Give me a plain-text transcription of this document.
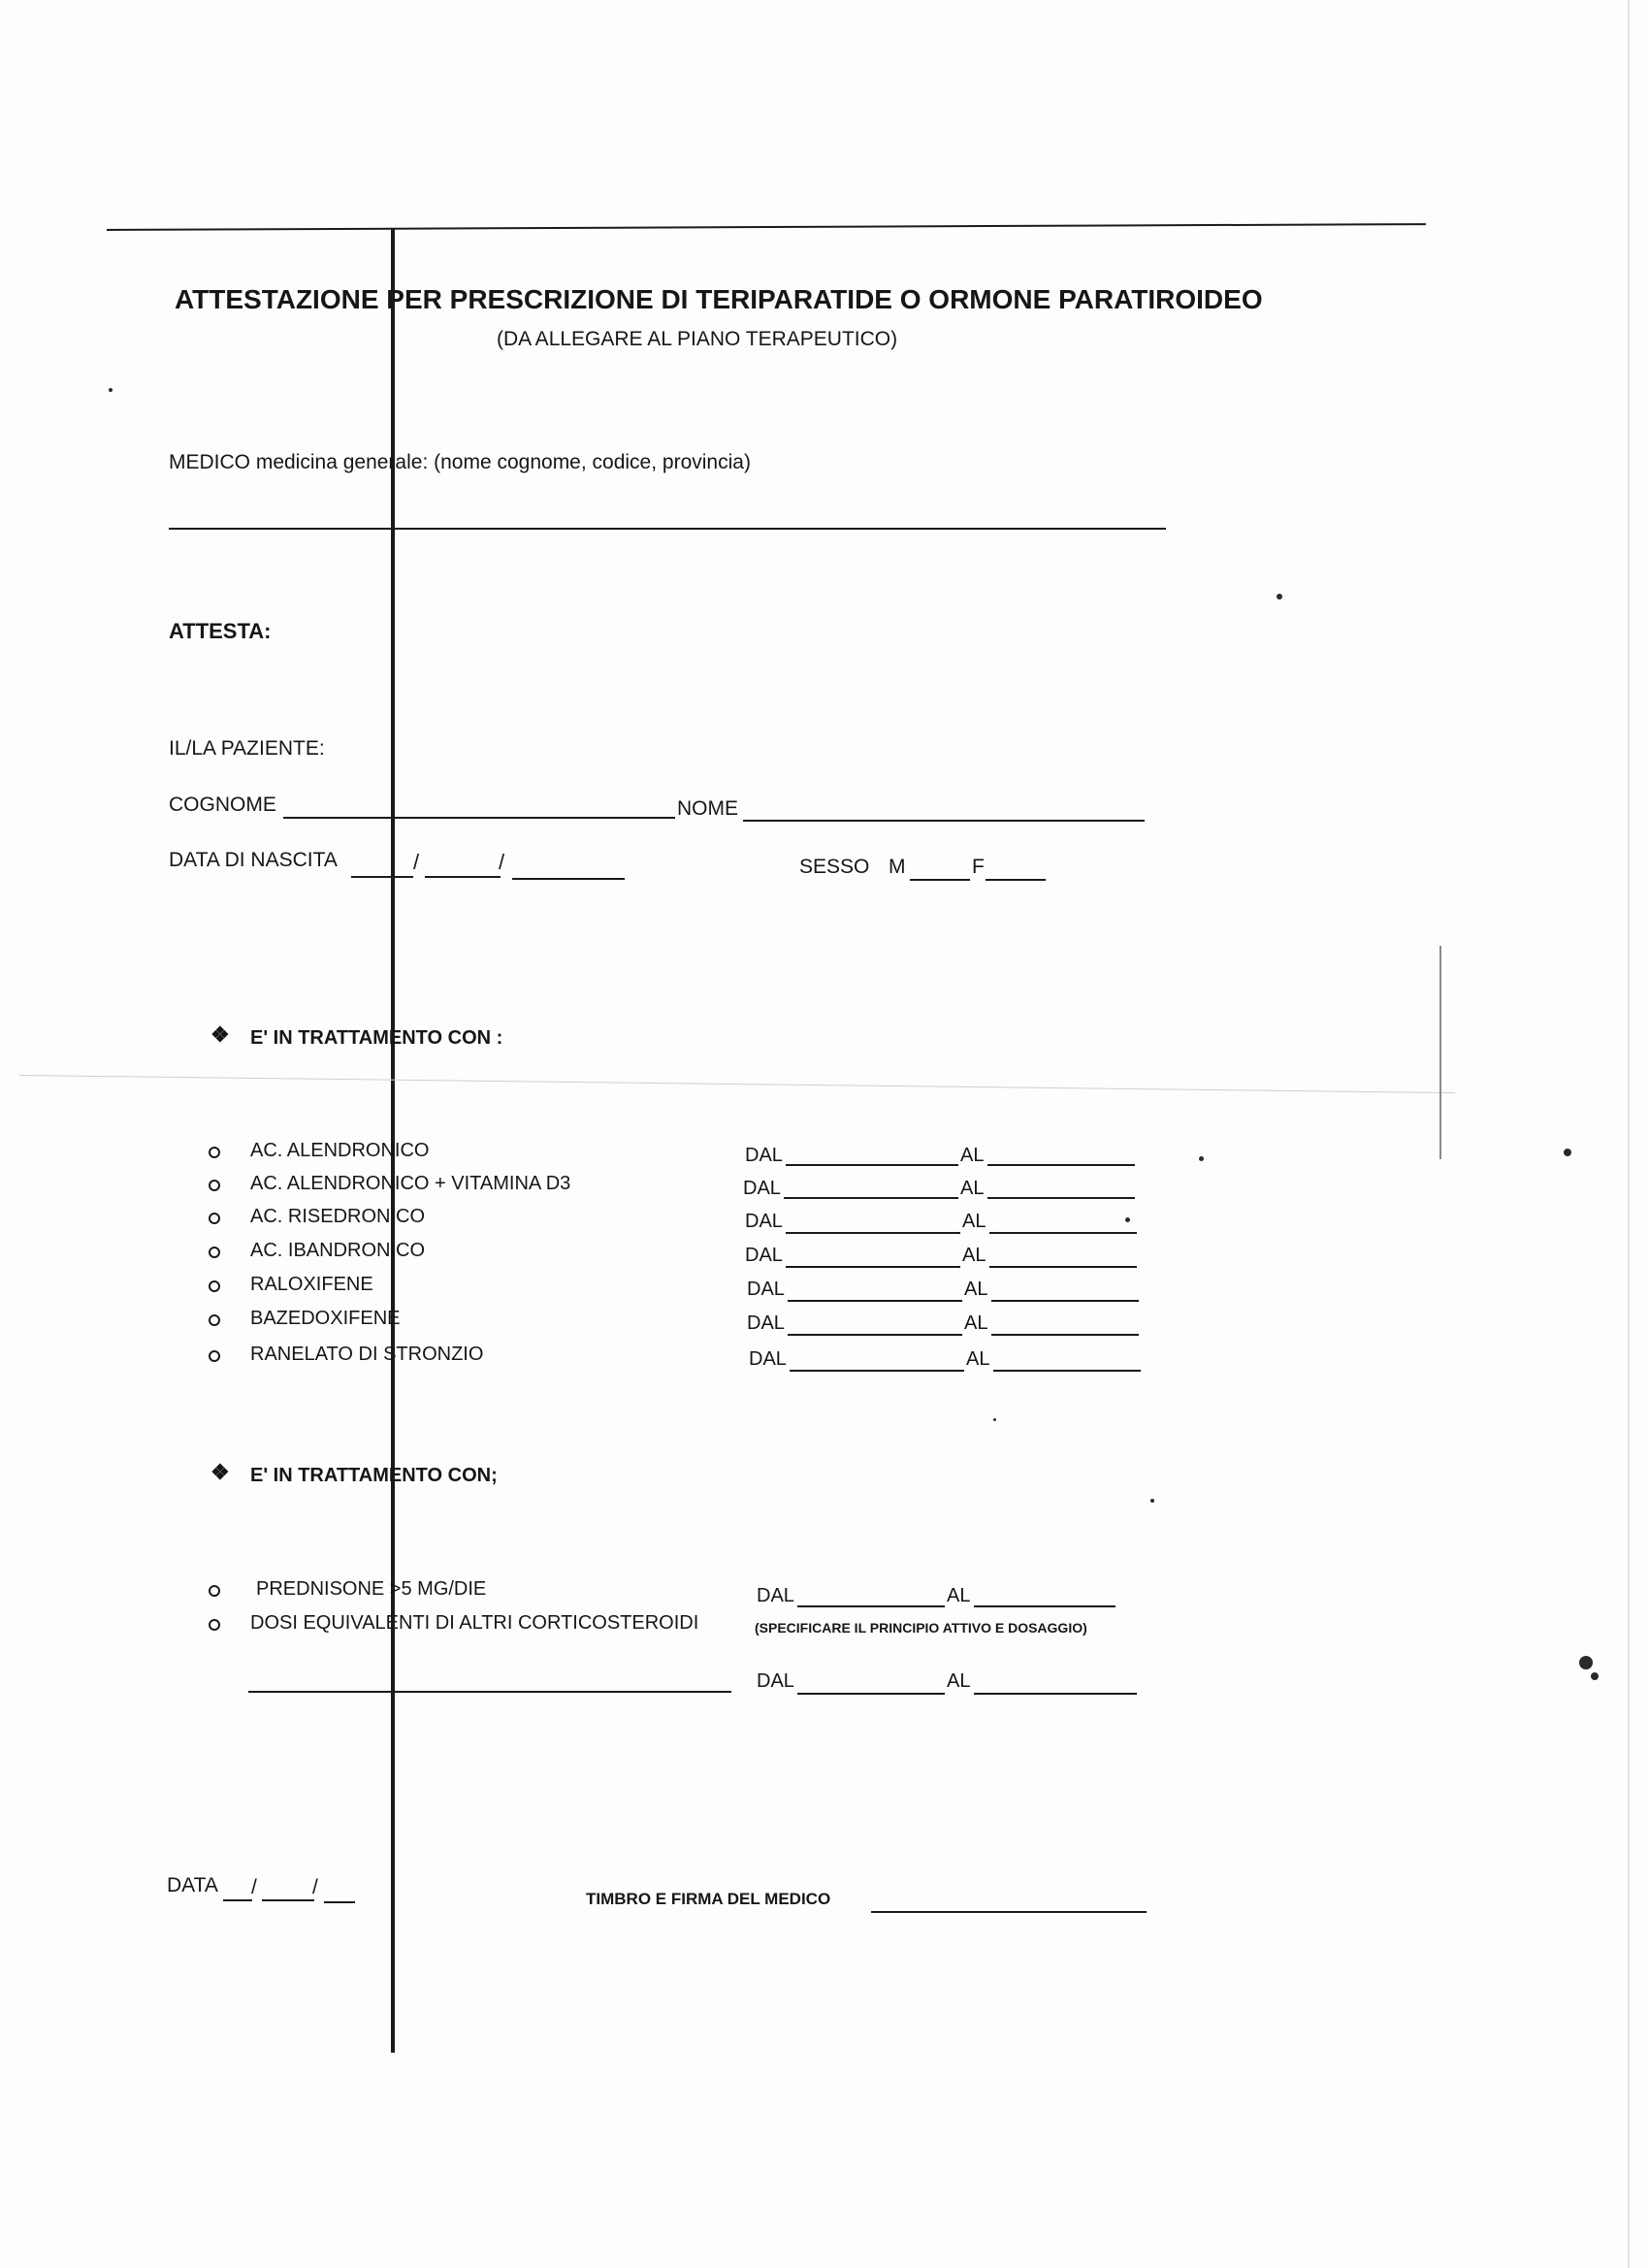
ATTESTAZIONE PER PRESCRIZIONE DI TERIPARATIDE O ORMONE PARATIROIDEO
(DA ALLEGARE AL PIANO TERAPEUTICO)
MEDICO medicina generale: (nome cognome, codice, provincia)
ATTESTA:
IL/LA PAZIENTE:
COGNOME	NOME
DATA DI NASCITA	/	/	SESSO M	F
❖ E' IN TRATTAMENTO CON :
AC. ALENDRONICO	DAL	AL
AC. ALENDRONICO + VITAMINA D3	DAL	AL
AC. RISEDRONICO	DAL	AL
AC. IBANDRONICO	DAL	AL
RALOXIFENE	DAL	AL
BAZEDOXIFENE	DAL	AL
RANELATO DI STRONZIO	DAL	AL
❖ E' IN TRATTAMENTO CON;
PREDNISONE >5 MG/DIE	DAL	AL
DOSI EQUIVALENTI DI ALTRI CORTICOSTEROIDI	(SPECIFICARE IL PRINCIPIO ATTIVO E DOSAGGIO)
DAL	AL
DATA /	/
TIMBRO E FIRMA DEL MEDICO
